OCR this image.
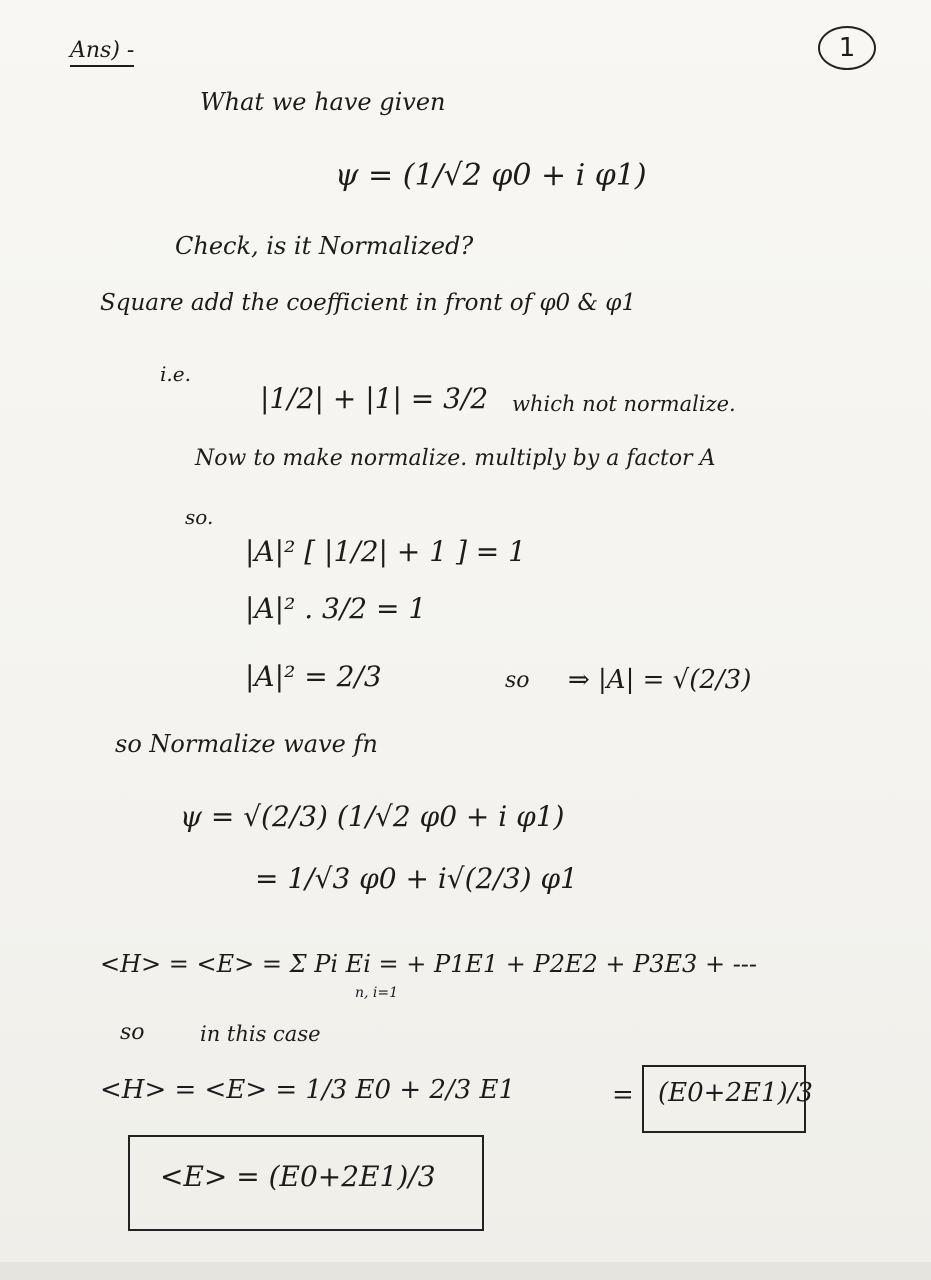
1
Ans) -
What we have given
ψ = (1/√2 φ0 + i φ1)
Check, is it Normalized?
Square add the coefficient in front of φ0 & φ1
i.e.
|1/2| + |1| = 3/2 which not normalize.
Now to make normalize. multiply by a factor A
so.
|A|² [ |1/2| + 1 ] = 1
|A|² . 3/2 = 1
|A|² = 2/3	so ⇒ |A| = √(2/3)
so Normalize wave fn
ψ = √(2/3) (1/√2 φ0 + i φ1)
= 1/√3 φ0 + i√(2/3) φ1
<H> = <E> = Σ Pi Ei = + P1E1 + P2E2 + P3E3 + ---
n, i=1
so	in this case
<H> = <E> = 1/3 E0 + 2/3 E1	= (E0+2E1)/3
<E> = (E0+2E1)/3
